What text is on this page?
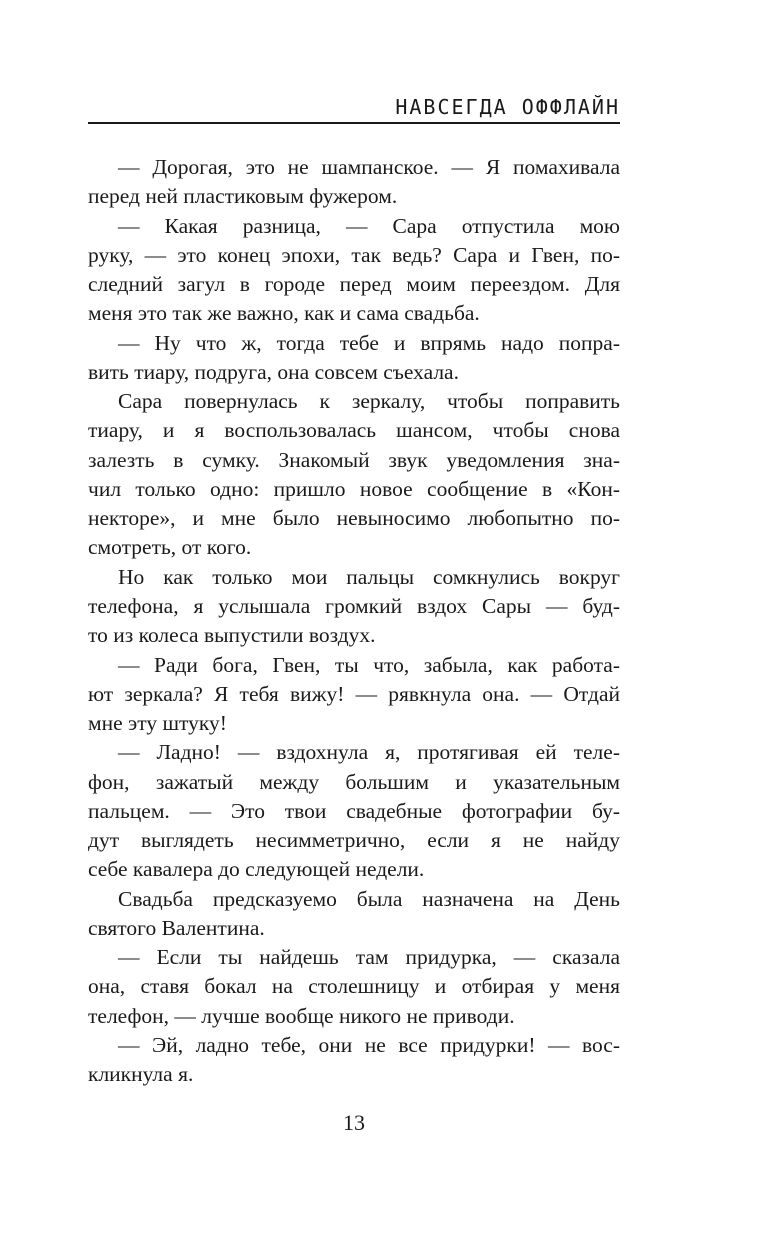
НАВСЕГДА ОФФЛАЙН
— Дорогая, это не шампанское. — Я помахивала
перед ней пластиковым фужером.
— Какая разница, — Сара отпустила мою
руку, — это конец эпохи, так ведь? Сара и Гвен, по-
следний загул в городе перед моим переездом. Для
меня это так же важно, как и сама свадьба.
— Ну что ж, тогда тебе и впрямь надо попра-
вить тиару, подруга, она совсем съехала.
Сара повернулась к зеркалу, чтобы поправить
тиару, и я воспользовалась шансом, чтобы снова
залезть в сумку. Знакомый звук уведомления зна-
чил только одно: пришло новое сообщение в «Кон-
некторе», и мне было невыносимо любопытно по-
смотреть, от кого.
Но как только мои пальцы сомкнулись вокруг
телефона, я услышала громкий вздох Сары — буд-
то из колеса выпустили воздух.
— Ради бога, Гвен, ты что, забыла, как работа-
ют зеркала? Я тебя вижу! — рявкнула она. — Отдай
мне эту штуку!
— Ладно! — вздохнула я, протягивая ей теле-
фон, зажатый между большим и указательным
пальцем. — Это твои свадебные фотографии бу-
дут выглядеть несимметрично, если я не найду
себе кавалера до следующей недели.
Свадьба предсказуемо была назначена на День
святого Валентина.
— Если ты найдешь там придурка, — сказала
она, ставя бокал на столешницу и отбирая у меня
телефон, — лучше вообще никого не приводи.
— Эй, ладно тебе, они не все придурки! — вос-
кликнула я.
13
